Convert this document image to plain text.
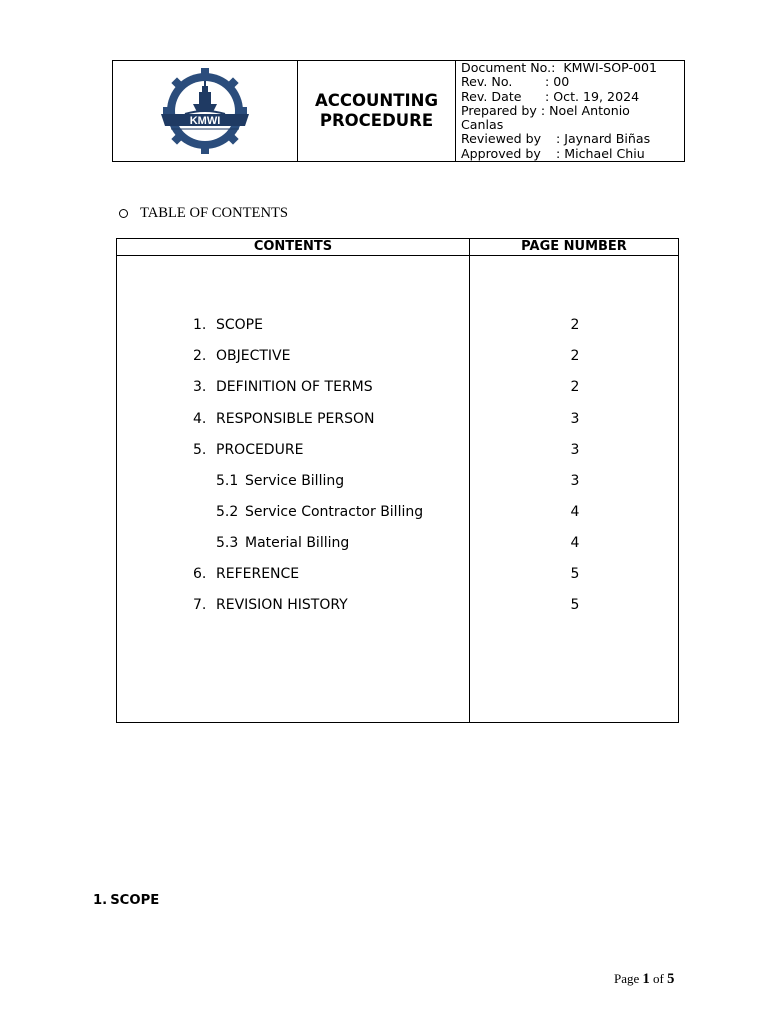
KMWI
ACCOUNTING
PROCEDURE
Document No.: KMWI-SOP-001
Rev. No.	: 00
Rev. Date : Oct. 19, 2024
Prepared by : Noel Antonio
Canlas
Reviewed by : Jaynard Biñas
Approved by : Michael Chiu
TABLE OF CONTENTS
CONTENTS	PAGE NUMBER
1. SCOPE	2
2. OBJECTIVE	2
3. DEFINITION OF TERMS	2
4. RESPONSIBLE PERSON	3
5. PROCEDURE	3
5.1 Service Billing	3
5.2 Service Contractor Billing	4
5.3 Material Billing	4
6. REFERENCE	5
7. REVISION HISTORY	5
1. SCOPE
Page 1 of 5
